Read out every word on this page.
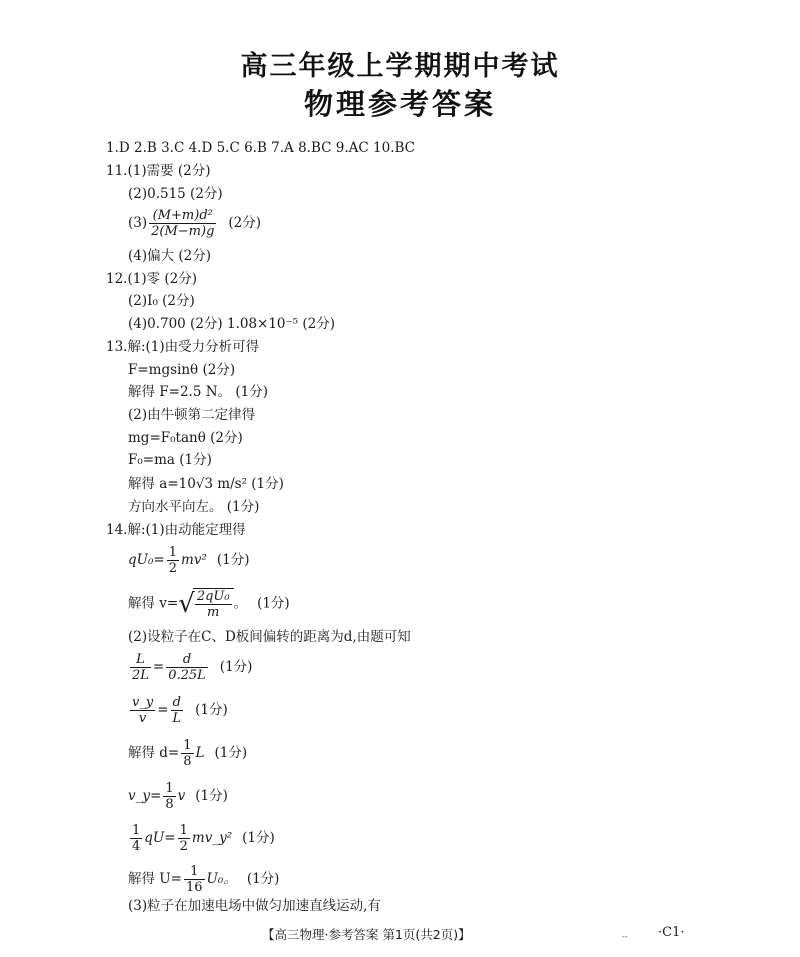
高三年级上学期期中考试
物理参考答案
1.D 2.B 3.C 4.D 5.C 6.B 7.A 8.BC 9.AC 10.BC
11.(1)需要 (2分)
(2)0.515 (2分)
$(3) \frac{\text{(M+m)d²}}{2(M-m)g} (2$分)
(4)偏大 (2分)
12.(1)零 (2分)
(2)I₀ (2分)
(4)0.700 (2分) 1.08×10⁻⁵ (2分)
13.解:(1)由受力分析可得
F=mgsinθ (2分)
解得 F=2.5 N。 (1分)
(2)由牛顿第二定律得
mg=F₀tanθ (2分)
F₀=ma (1分)
解得 a=10√3 m/s² (1分)
方向水平向左。 (1分)
14.解:(1)由动能定理得
$qU_0= \frac{1}{2} mv^2$ (1分)
解得 $v=√ \frac{\text{2qU₀}}{m}$ 。 (1分)
(2)设粒子在C、D板间偏转的距离为d,由题可知
$\frac{L}{2L} = \frac{d}{0.25L} (1$分)
$\frac{v\_y}{v} = \frac{d}{L} (1$分)
解得 $d= \frac{1}{8}$ L (1分)
v_y= $\frac{1}{8}$ v (1分)
$\frac{1}{4} qU= \frac{1}{2}$ mv_y² (1分)
解得 $U= \frac{1}{16} U_0$。 (1分)
(3)粒子在加速电场中做匀加速直线运动,有
【高三物理·参考答案 第1页(共2页)】	-- ·C1·
